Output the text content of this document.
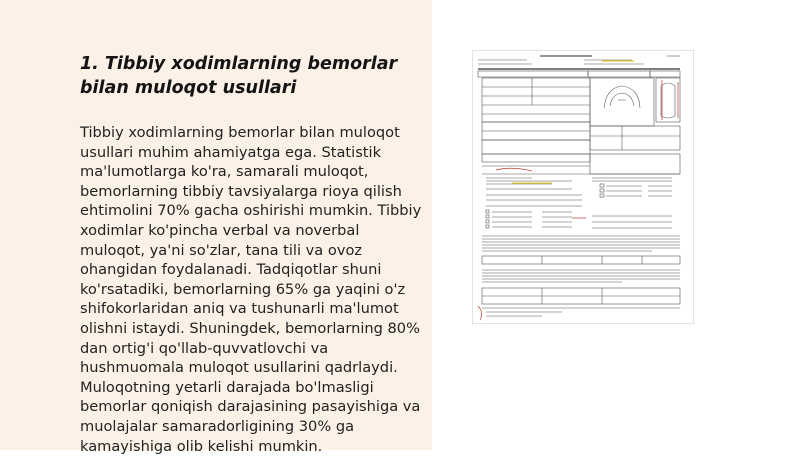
1. Tibbiy xodimlarning bemorlar bilan muloqot usullari

Tibbiy xodimlarning bemorlar bilan muloqot usullari muhim ahamiyatga ega. Statistik ma'lumotlarga ko'ra, samarali muloqot, bemorlarning tibbiy tavsiyalarga rioya qilish ehtimolini 70% gacha oshirishi mumkin. Tibbiy xodimlar ko'pincha verbal va noverbal muloqot, ya'ni so'zlar, tana tili va ovoz ohangidan foydalanadi. Tadqiqotlar shuni ko'rsatadiki, bemorlarning 65% ga yaqini o'z shifokorlaridan aniq va tushunarli ma'lumot olishni istaydi. Shuningdek, bemorlarning 80% dan ortig'i qo'llab-quvvatlovchi va hushmuomala muloqot usullarini qadrlaydi. Muloqotning yetarli darajada bo'lmasligi bemorlar qoniqish darajasining pasayishiga va muolajalar samaradorligining 30% ga kamayishiga olib kelishi mumkin.
